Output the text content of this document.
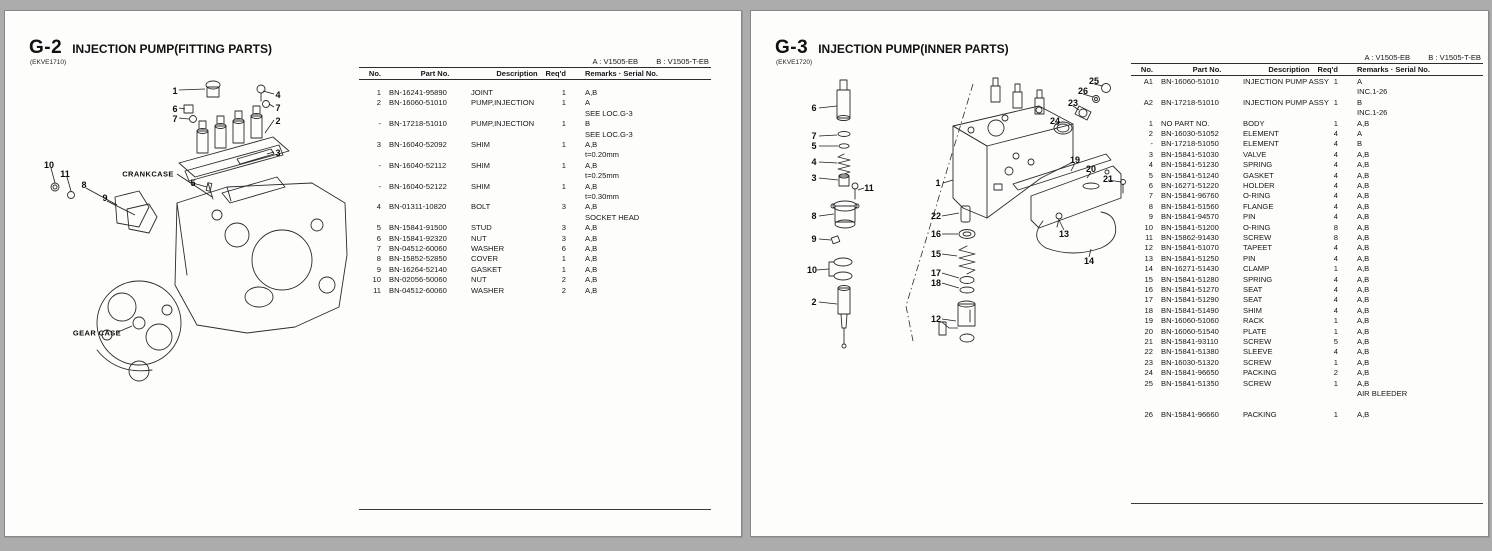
G-2 INJECTION PUMP(FITTING PARTS)
(EKVE1710)	A : V1505-EB B : V1505-T-EB
No.	Part No.	Description	Req'd	Remarks · Serial No.
1 BN-16241-95890	JOINT	1	A,B
2 BN-16060-51010	PUMP,INJECTION	1	A
SEE LOC.G-3
- BN-17218-51010	PUMP,INJECTION	1	B
SEE LOC.G-3
3 BN-16040-52092	SHIM	1	A,B
t=0.20mm
- BN-16040-52112	SHIM	1	A,B
t=0.25mm
- BN-16040-52122	SHIM	1	A,B
t=0.30mm
4 BN-01311-10820	BOLT	3	A,B
SOCKET HEAD
5 BN-15841-91500	STUD	3	A,B
6 BN-15841-92320	NUT	3	A,B
7 BN-04512-60060	WASHER	6	A,B
8 BN-15852-52850	COVER	1	A,B
9 BN-16264-52140	GASKET	1	A,B
10 BN-02056-50060	NUT	2	A,B
11 BN-04512-60060	WASHER	2	A,B
1	4
6
7
7
2
3
5
10
11
8
9
CRANKCASE
GEAR CASE
G-3 INJECTION PUMP(INNER PARTS)
(EKVE1720)
A : V1505-EB B : V1505-T-EB
No.	Part No.	Description	Req'd	Remarks · Serial No.
A1 BN-16060-51010	INJECTION PUMP ASSY 1	A
INC.1-26
A2 BN-17218-51010	INJECTION PUMP ASSY 1	B
INC.1-26
1 NO PART NO.	BODY	1	A,B
2 BN-16030-51052	ELEMENT	4	A
- BN-17218-51050	ELEMENT	4	B
3 BN-15841-51030	VALVE	4	A,B
4 BN-15841-51230	SPRING	4	A,B
5 BN-15841-51240	GASKET	4	A,B
6 BN-16271-51220	HOLDER	4	A,B
7 BN-15841-96760	O-RING	4	A,B
8 BN-15841-51560	FLANGE	4	A,B
9 BN-15841-94570	PIN	4	A,B
10 BN-15841-51200	O-RING	8	A,B
11 BN-15862-91430	SCREW	8	A,B
12 BN-15841-51070	TAPEET	4	A,B
13 BN-15841-51250	PIN	4	A,B
14 BN-16271-51430	CLAMP	1	A,B
15 BN-15841-51280	SPRING	4	A,B
16 BN-15841-51270	SEAT	4	A,B
17 BN-15841-51290	SEAT	4	A,B
18 BN-15841-51490	SHIM	4	A,B
19 BN-16060-51060	RACK	1	A,B
20 BN-16060-51540	PLATE	1	A,B
21 BN-15841-93110	SCREW	5	A,B
22 BN-15841-51380	SLEEVE	4	A,B
23 BN-16030-51320	SCREW	1	A,B
24 BN-15841-96650	PACKING	2	A,B
25 BN-15841-51350	SCREW	1	A,B
AIR BLEEDER
26 BN-15841-96660	PACKING	1	A,B
6
7
5
4
3
11
8
9
10
2
1
22
16
15
17
18
12
25
26
23
24
19
20
21
13
14
